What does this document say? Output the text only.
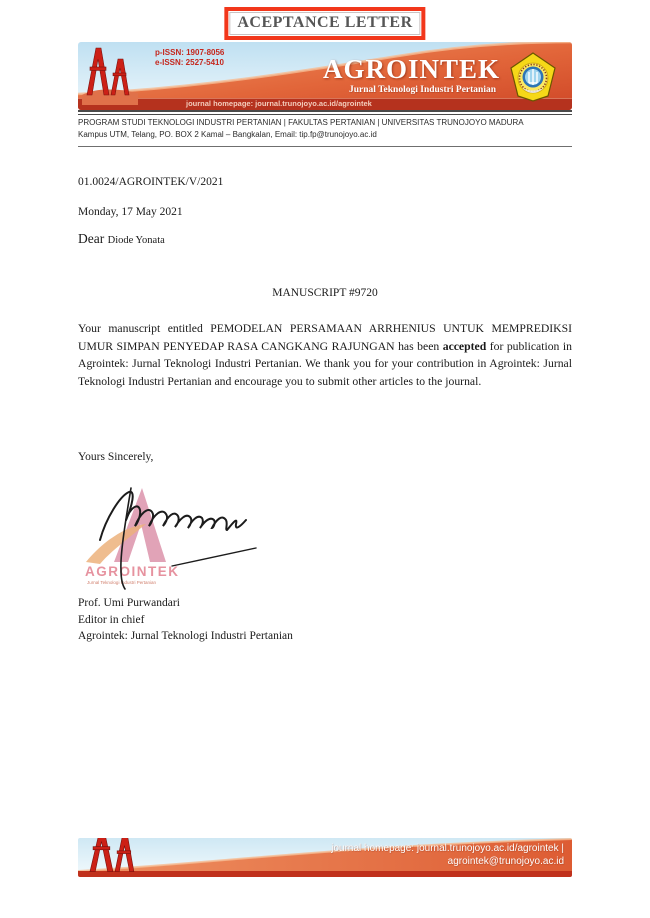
ACEPTANCE LETTER
p-ISSN: 1907-8056
e-ISSN: 2527-5410	AGROINTEK
Jurnal Teknologi Industri Pertanian
journal homepage: journal.trunojoyo.ac.id/agrointek
PROGRAM STUDI TEKNOLOGI INDUSTRI PERTANIAN | FAKULTAS PERTANIAN | UNIVERSITAS TRUNOJOYO MADURA
Kampus UTM, Telang, PO. BOX 2 Kamal – Bangkalan, Email: tip.fp@trunojoyo.ac.id
01.0024/AGROINTEK/V/2021
Monday, 17 May 2021
Dear Diode Yonata
MANUSCRIPT #9720
Your manuscript entitled PEMODELAN PERSAMAAN ARRHENIUS UNTUK MEMPREDIKSI UMUR SIMPAN PENYEDAP RASA CANGKANG RAJUNGAN has been accepted for publication in Agrointek: Jurnal Teknologi Industri Pertanian. We thank you for your contribution in Agrointek: Jurnal Teknologi Industri Pertanian and encourage you to submit other articles to the journal.
Yours Sincerely,
AGROINTEK
Jurnal Teknologi Industri Pertanian
Prof. Umi Purwandari
Editor in chief
Agrointek: Jurnal Teknologi Industri Pertanian
journal homepage: journal.trunojoyo.ac.id/agrointek |
agrointek@trunojoyo.ac.id
